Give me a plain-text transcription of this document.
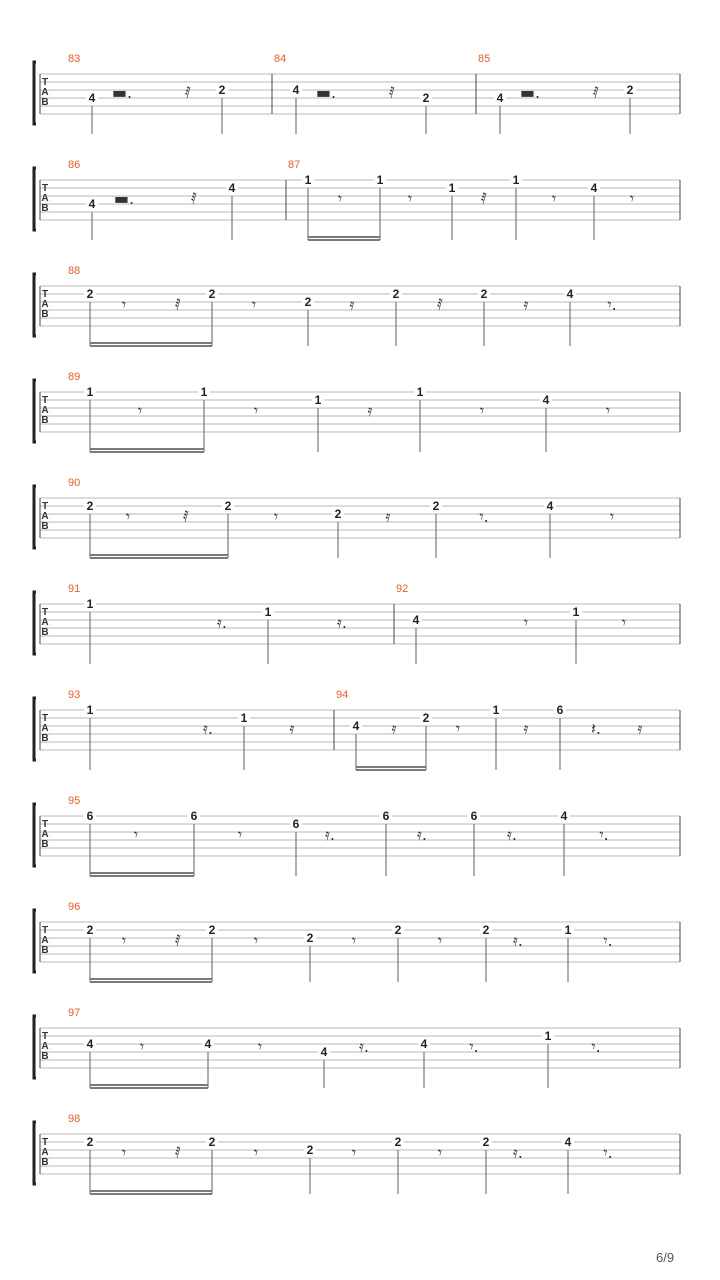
T
A
B
83
4
2
▬.	𝅀
84
4
2
▬.	𝅀
85
4
2
▬.	𝅀
T
A
B
86
4
4
▬.	𝅀
87
1	1
1
1
4
𝄾	𝄾	𝅀	𝄾	𝄾
T
A
B
88
2	2
2
2	2	4
𝄾	𝅀	𝄾	𝄿	𝅀	𝄿	𝄾.
T
A
B
89
1	1
1
1
4
𝄾	𝄾	𝄿	𝄾	𝄾
T
A
B
90
2	2
2
2	4
𝄾	𝅀	𝄾	𝄿	𝄾.	𝄾
T
A
B
91
1
1
𝄿.	𝄿.
92
4
1
𝄾	𝄾
T
A
B
93
1
1
𝄿.	𝄿
94
4
2
1	6
𝄿	𝄾	𝄿	𝄽. 𝄿
T
A
B
95
6	6
6
6	6	4
𝄾	𝄾	𝄿.	𝄿.	𝄿.	𝄾.
T
A
B
96
2	2
2
2	2	1
𝄾	𝅀	𝄾	𝄾	𝄾	𝄿.	𝄾.
T
A
B
97
4	4
4
4
1
𝄾	𝄾	𝄿.	𝄾.	𝄾.
T
A
B
98
2	2
2
2	2	4
𝄾	𝅀	𝄾	𝄾	𝄾	𝄿.	𝄾.
6/9
